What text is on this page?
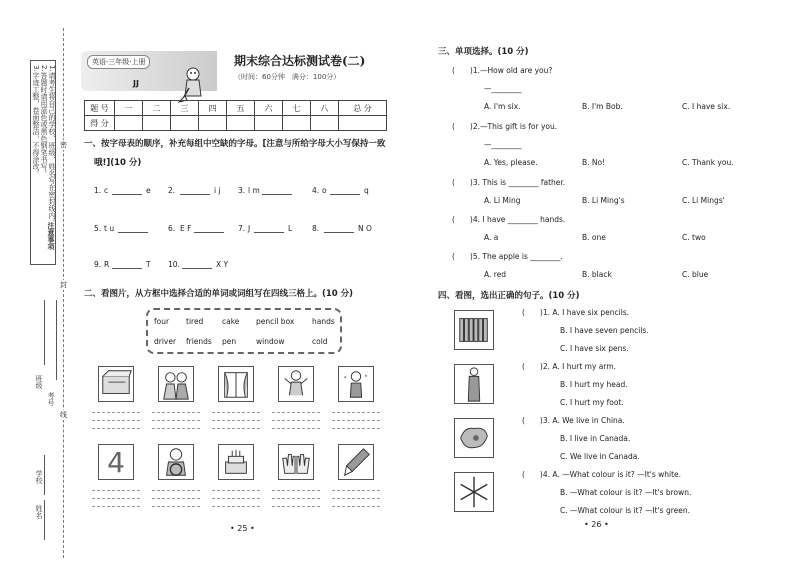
1.请考生将自己的学校、班级、姓名写在密封线内。
2.答题时请用蓝色或黑色钢笔书写。
3.字迹工整，卷面整洁，不得涂改。
注意事项
密
封
线
学校
姓名
班级
考号
英语·三年级·上册
JJ
期末综合达标测试卷(二)
（时间：60分钟　满分：100分）
题 号	一	二	三	四	五	六	七	八	总 分
得 分									
一、按字母表的顺序，补充每组中空缺的字母。[注意与所给字母大小写保持一致
哦!](10 分)
1. c	e 2.	i j 3. l m	4. o	q
5. t u	6. E F	7. J	L	8.	N O
9. R	T 10.	X Y
二、看图片，从方框中选择合适的单词或词组写在四线三格上。(10 分)
four tired cake pencil box hands
driver friends pen	window	cold
*
*
4
• 25 •
三、单项选择。(10 分)
(　　)1.—How old are you?
—________
A. I'm six.	B. I'm Bob.	C. I have six.
(　　)2.—This gift is for you.
—________
A. Yes, please.	B. No!	C. Thank you.
(　　)3. This is ________ father.
A. Li Ming	B. Li Ming's	C. Li Mings'
(　　)4. I have ________ hands.
A. a	B. one	C. two
(　　)5. The apple is ________.
A. red	B. black	C. blue
四、看图，选出正确的句子。(10 分)
(　　)1. A. I have six pencils.
B. I have seven pencils.
C. I have six pens.
(　　)2. A. I hurt my arm.
B. I hurt my head.
C. I hurt my foot.
(　　)3. A. We live in China.
B. I live in Canada.
C. We live in Canada.
(　　)4. A. —What colour is it? —It's white.
B. —What colour is it? —It's brown.
C. —What colour is it? —It's green.
• 26 •
